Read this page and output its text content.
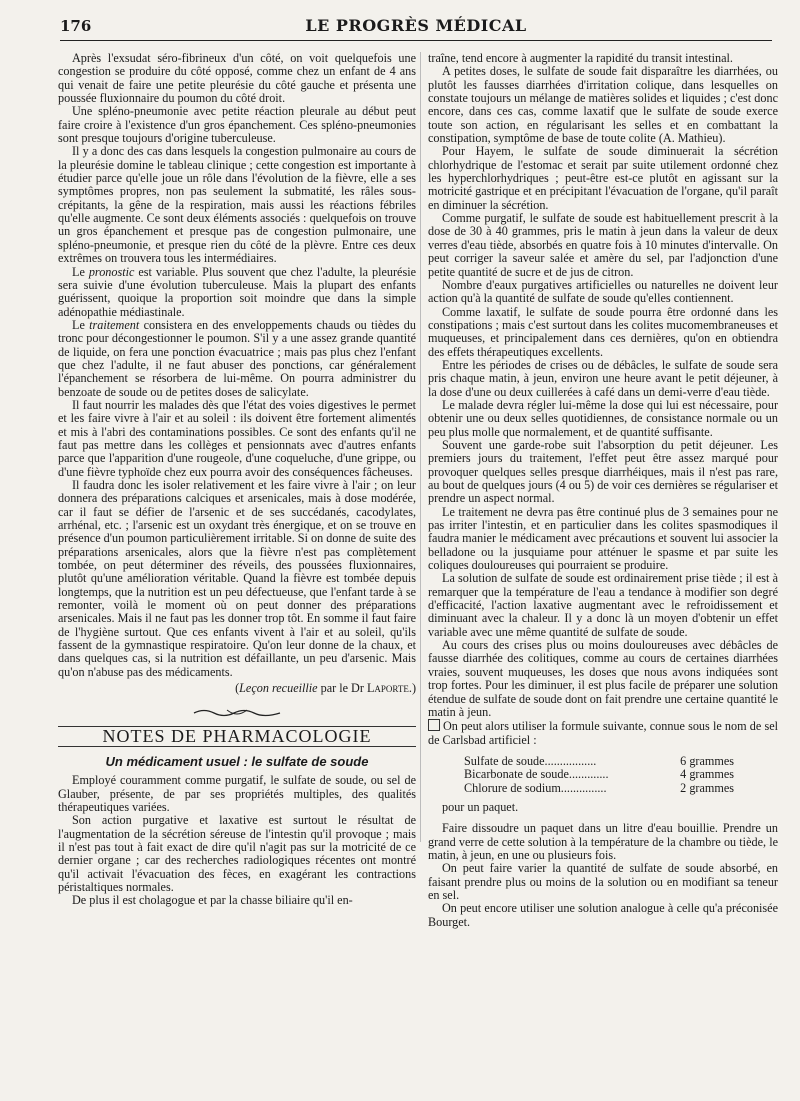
176	LE PROGRÈS MÉDICAL

Après l'exsudat séro-fibrineux d'un côté, on voit quelquefois une congestion se produire du côté opposé, comme chez un enfant de 4 ans qui venait de faire une petite pleurésie du côté gauche et présenta une poussée fluxionnaire du poumon du côté droit.

Une spléno-pneumonie avec petite réaction pleurale au début peut faire croire à l'existence d'un gros épanchement. Ces spléno-pneumonies sont presque toujours d'origine tuberculeuse.

Il y a donc des cas dans lesquels la congestion pulmonaire au cours de la pleurésie domine le tableau clinique ; cette congestion est importante à étudier parce qu'elle joue un rôle dans l'évolution de la fièvre, elle a ses symptômes propres, non pas seulement la submatité, les râles sous-crépitants, la gêne de la respiration, mais aussi les réactions fébriles qu'elle augmente. Ce sont deux éléments associés : quelquefois on trouve un gros épanchement et presque pas de congestion pulmonaire, une spléno-pneumonie, et presque rien du côté de la plèvre. Entre ces deux extrêmes on trouvera tous les intermédiaires.

Le pronostic est variable. Plus souvent que chez l'adulte, la pleurésie sera suivie d'une évolution tuberculeuse. Mais la plupart des enfants guérissent, quoique la proportion soit moindre que dans la simple adénopathie médiastinale.

Le traitement consistera en des enveloppements chauds ou tièdes du tronc pour décongestionner le poumon. S'il y a une assez grande quantité de liquide, on fera une ponction évacuatrice ; mais pas plus chez l'enfant que chez l'adulte, il ne faut abuser des ponctions, car généralement l'épanchement se résorbera de lui-même. On pourra administrer du benzoate de soude ou de petites doses de salicylate.

Il faut nourrir les malades dès que l'état des voies digestives le permet et les faire vivre à l'air et au soleil : ils doivent être fortement alimentés et mis à l'abri des contaminations possibles. Ce sont des enfants qu'il ne faut pas mettre dans les collèges et pensionnats avec d'autres enfants parce que l'apparition d'une rougeole, d'une coqueluche, d'une grippe, ou d'une fièvre typhoïde chez eux pourra avoir des conséquences fâcheuses.

Il faudra donc les isoler relativement et les faire vivre à l'air ; on leur donnera des préparations calciques et arsenicales, mais à dose modérée, car il faut se défier de l'arsenic et de ses succédanés, cacodylates, arrhénal, etc. ; l'arsenic est un oxydant très énergique, et on se trouve en présence d'un poumon particulièrement irritable. Si on donne de suite des préparations arsenicales, alors que la fièvre n'est pas complètement tombée, on peut déterminer des réveils, des poussées fluxionnaires, plutôt qu'une amélioration véritable. Quand la fièvre est tombée depuis longtemps, que la nutrition est un peu défectueuse, que l'enfant tarde à se remonter, voilà le moment où on peut donner des préparations arsenicales. Mais il ne faut pas les donner trop tôt. En somme il faut faire de l'hygiène surtout. Que ces enfants vivent à l'air et au soleil, qu'ils fassent de la gymnastique respiratoire. Qu'on leur donne de la chaux, et dans quelques cas, si la nutrition est défaillante, un peu d'arsenic. Mais qu'on n'abuse pas des médicaments.

(Leçon recueillie par le Dr Laporte.)

NOTES DE PHARMACOLOGIE
Un médicament usuel : le sulfate de soude

Employé couramment comme purgatif, le sulfate de soude, ou sel de Glauber, présente, de par ses propriétés multiples, des qualités thérapeutiques variées.

Son action purgative et laxative est surtout le résultat de l'augmentation de la sécrétion séreuse de l'intestin qu'il provoque ; mais il n'est pas tout à fait exact de dire qu'il n'agit pas sur la motricité de ce dernier organe ; car des recherches radiologiques récentes ont montré qu'il activait l'évacuation des fèces, en exagérant les contractions péristaltiques normales.

De plus il est cholagogue et par la chasse biliaire qu'il en-

traîne, tend encore à augmenter la rapidité du transit intestinal.

A petites doses, le sulfate de soude fait disparaître les diarrhées, ou plutôt les fausses diarrhées d'irritation colique, dans lesquelles on constate toujours un mélange de matières solides et liquides ; c'est donc encore, dans ces cas, comme laxatif que le sulfate de soude exerce toute son action, en régularisant les selles et en combattant la constipation, symptôme de base de toute colite (A. Mathieu).

Pour Hayem, le sulfate de soude diminuerait la sécrétion chlorhydrique de l'estomac et serait par suite utilement ordonné chez les hyperchlorhydriques ; peut-être est-ce plutôt en agissant sur la motricité gastrique et en précipitant l'évacuation de l'organe, qu'il paraît en diminuer la sécrétion.

Comme purgatif, le sulfate de soude est habituellement prescrit à la dose de 30 à 40 grammes, pris le matin à jeun dans la valeur de deux verres d'eau tiède, absorbés en quatre fois à 10 minutes d'intervalle. On peut corriger la saveur salée et amère du sel, par l'adjonction d'une petite quantité de sucre et de jus de citron.

Nombre d'eaux purgatives artificielles ou naturelles ne doivent leur action qu'à la quantité de sulfate de soude qu'elles contiennent.

Comme laxatif, le sulfate de soude pourra être ordonné dans les constipations ; mais c'est surtout dans les colites mucomembraneuses et muqueuses, et principalement dans ces dernières, qu'on en obtiendra des effets thérapeutiques excellents.

Entre les périodes de crises ou de débâcles, le sulfate de soude sera pris chaque matin, à jeun, environ une heure avant le petit déjeuner, à la dose d'une ou deux cuillerées à café dans un demi-verre d'eau tiède.

Le malade devra régler lui-même la dose qui lui est nécessaire, pour obtenir une ou deux selles quotidiennes, de consistance normale ou un peu plus molle que normalement, et de quantité suffisante.

Souvent une garde-robe suit l'absorption du petit déjeuner. Les premiers jours du traitement, l'effet peut être assez marqué pour provoquer quelques selles presque diarrhéiques, mais il n'est pas rare, au bout de quelques jours (4 ou 5) de voir ces dernières se régulariser et prendre un aspect normal.

Le traitement ne devra pas être continué plus de 3 semaines pour ne pas irriter l'intestin, et en particulier dans les colites spasmodiques il faudra manier le médicament avec précautions et souvent lui associer la belladone ou la jusquiame pour atténuer le spasme et par suite les coliques douloureuses qui pourraient se produire.

La solution de sulfate de soude est ordinairement prise tiède ; il est à remarquer que la température de l'eau a tendance à modifier son degré d'efficacité, l'action laxative augmentant avec le refroidissement et diminuant avec la chaleur. Il y a donc là un moyen d'obtenir un effet variable avec une même quantité de sulfate de soude.

Au cours des crises plus ou moins douloureuses avec débâcles de fausse diarrhée des colitiques, comme au cours de certaines diarrhées vraies, souvent muqueuses, les doses que nous avons indiquées sont trop fortes. Pour les diminuer, il est plus facile de préparer une solution étendue de sulfate de soude dont on fait prendre une certaine quantité le matin à jeun.

On peut alors utiliser la formule suivante, connue sous le nom de sel de Carlsbad artificiel :

Sulfate de soude.................	6 grammes
Bicarbonate de soude.............	4 grammes
Chlorure de sodium...............	2 grammes

pour un paquet.

Faire dissoudre un paquet dans un litre d'eau bouillie. Prendre un grand verre de cette solution à la température de la chambre ou tiède, le matin, à jeun, en une ou plusieurs fois.

On peut faire varier la quantité de sulfate de soude absorbé, en faisant prendre plus ou moins de la solution ou en modifiant sa teneur en sel.

On peut encore utiliser une solution analogue à celle qu'a préconisée Bourget.
